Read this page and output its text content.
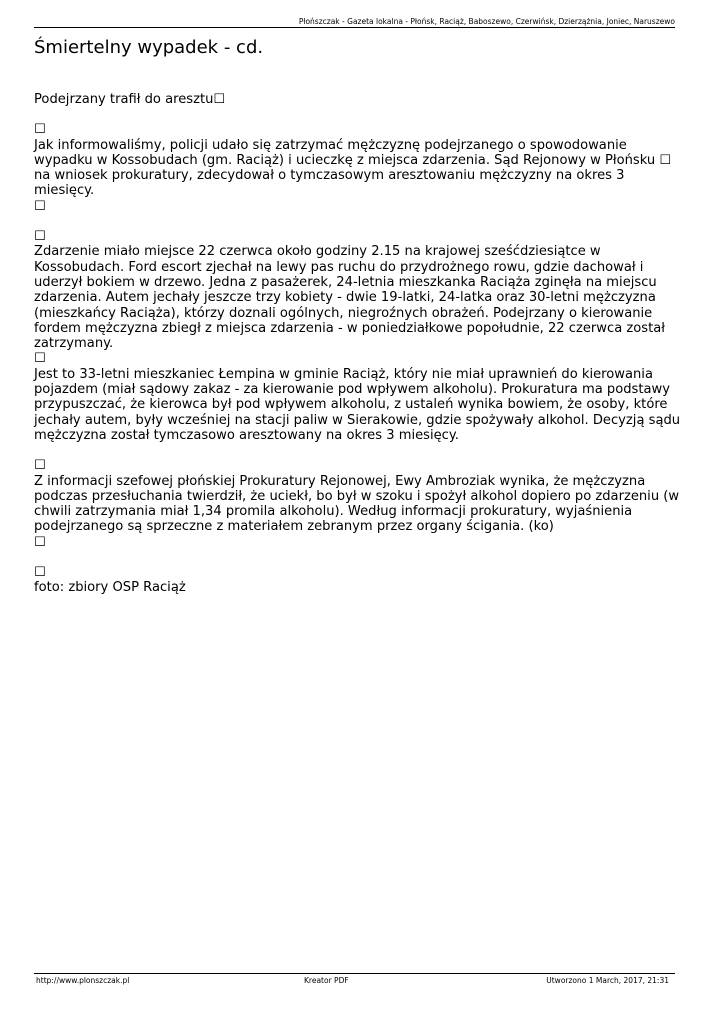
Płońszczak - Gazeta lokalna - Płońsk, Raciąż, Baboszewo, Czerwińsk, Dzierzążnia, Joniec, Naruszewo
Śmiertelny wypadek - cd.

Podejrzany trafił do aresztu☐

☐
Jak informowaliśmy, policji udało się zatrzymać mężczyznę podejrzanego o spowodowanie wypadku w Kossobudach (gm. Raciąż) i ucieczkę z miejsca zdarzenia. Sąd Rejonowy w Płońsku ☐ na wniosek prokuratury, zdecydował o tymczasowym aresztowaniu mężczyzny na okres 3 miesięcy.
☐

☐
Zdarzenie miało miejsce 22 czerwca około godziny 2.15 na krajowej sześćdziesiątce w Kossobudach. Ford escort zjechał na lewy pas ruchu do przydrożnego rowu, gdzie dachował i uderzył bokiem w drzewo. Jedna z pasażerek, 24-letnia mieszkanka Raciąża zginęła na miejscu zdarzenia. Autem jechały jeszcze trzy kobiety - dwie 19-latki, 24-latka oraz 30-letni mężczyzna (mieszkańcy Raciąża), którzy doznali ogólnych, niegroźnych obrażeń. Podejrzany o kierowanie fordem mężczyzna zbiegł z miejsca zdarzenia - w poniedziałkowe popołudnie, 22 czerwca został zatrzymany.
☐
Jest to 33-letni mieszkaniec Łempina w gminie Raciąż, który nie miał uprawnień do kierowania pojazdem (miał sądowy zakaz - za kierowanie pod wpływem alkoholu). Prokuratura ma podstawy przypuszczać, że kierowca był pod wpływem alkoholu, z ustaleń wynika bowiem, że osoby, które jechały autem, były wcześniej na stacji paliw w Sierakowie, gdzie spożywały alkohol. Decyzją sądu mężczyzna został tymczasowo aresztowany na okres 3 miesięcy.

☐
Z informacji szefowej płońskiej Prokuratury Rejonowej, Ewy Ambroziak wynika, że mężczyzna podczas przesłuchania twierdził, że uciekł, bo był w szoku i spożył alkohol dopiero po zdarzeniu (w chwili zatrzymania miał 1,34 promila alkoholu). Według informacji prokuratury, wyjaśnienia podejrzanego są sprzeczne z materiałem zebranym przez organy ścigania. (ko)
☐

☐
foto: zbiory OSP Raciąż

http://www.plonszczak.pl	Kreator PDF	Utworzono 1 March, 2017, 21:31
